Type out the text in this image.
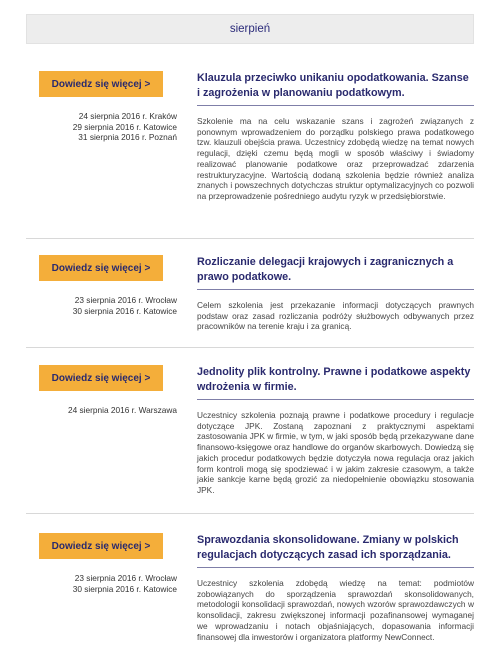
sierpień
Dowiedz się więcej >
24 sierpnia 2016 r. Kraków
29 sierpnia 2016 r. Katowice
31 sierpnia 2016 r. Poznań
Klauzula przeciwko unikaniu opodatkowania. Szanse i zagrożenia w planowaniu podatkowym.
Szkolenie ma na celu wskazanie szans i zagrożeń związanych z ponownym wprowadzeniem do porządku polskiego prawa podatkowego tzw. klauzuli obejścia prawa. Uczestnicy zdobędą wiedzę na temat nowych regulacji, dzięki czemu będą mogli w sposób właściwy i świadomy realizować planowanie podatkowe oraz przeprowadzać zdarzenia restrukturyzacyjne. Wartością dodaną szkolenia będzie również analiza znanych i powszechnych dotychczas struktur optymalizacyjnych co pozwoli na przeprowadzenie pośredniego audytu ryzyk w przedsiębiorstwie.
Dowiedz się więcej >
23 sierpnia 2016 r. Wrocław
30 sierpnia 2016 r. Katowice
Rozliczanie delegacji krajowych i zagranicznych a prawo podatkowe.
Celem szkolenia jest przekazanie informacji dotyczących prawnych podstaw oraz zasad rozliczania podróży służbowych odbywanych przez pracowników na terenie kraju i za granicą.
Dowiedz się więcej >
24 sierpnia 2016 r. Warszawa
Jednolity plik kontrolny. Prawne i podatkowe aspekty wdrożenia w firmie.
Uczestnicy szkolenia poznają prawne i podatkowe procedury i regulacje dotyczące JPK. Zostaną zapoznani z praktycznymi aspektami zastosowania JPK w firmie, w tym, w jaki sposób będą przekazywane dane finansowo-księgowe oraz handlowe do organów skarbowych. Dowiedzą się jakich procedur podatkowych będzie dotyczyła nowa regulacja oraz jakich form kontroli mogą się spodziewać i w jakim zakresie czasowym, a także jakie sankcje karne będą grozić za niedopełnienie obowiązku stosowania JPK.
Dowiedz się więcej >
23 sierpnia 2016 r. Wrocław
30 sierpnia 2016 r. Katowice
Sprawozdania skonsolidowane. Zmiany w polskich regulacjach dotyczących zasad ich sporządzania.
Uczestnicy szkolenia zdobędą wiedzę na temat: podmiotów zobowiązanych do sporządzenia sprawozdań skonsolidowanych, metodologii konsolidacji sprawozdań, nowych wzorów sprawozdawczych w konsolidacji, zakresu zwiększonej informacji pozafinansowej wymaganej we wprowadzaniu i notach objaśniających, dopasowania informacji finansowej dla inwestorów i organizatora platformy NewConnect.
